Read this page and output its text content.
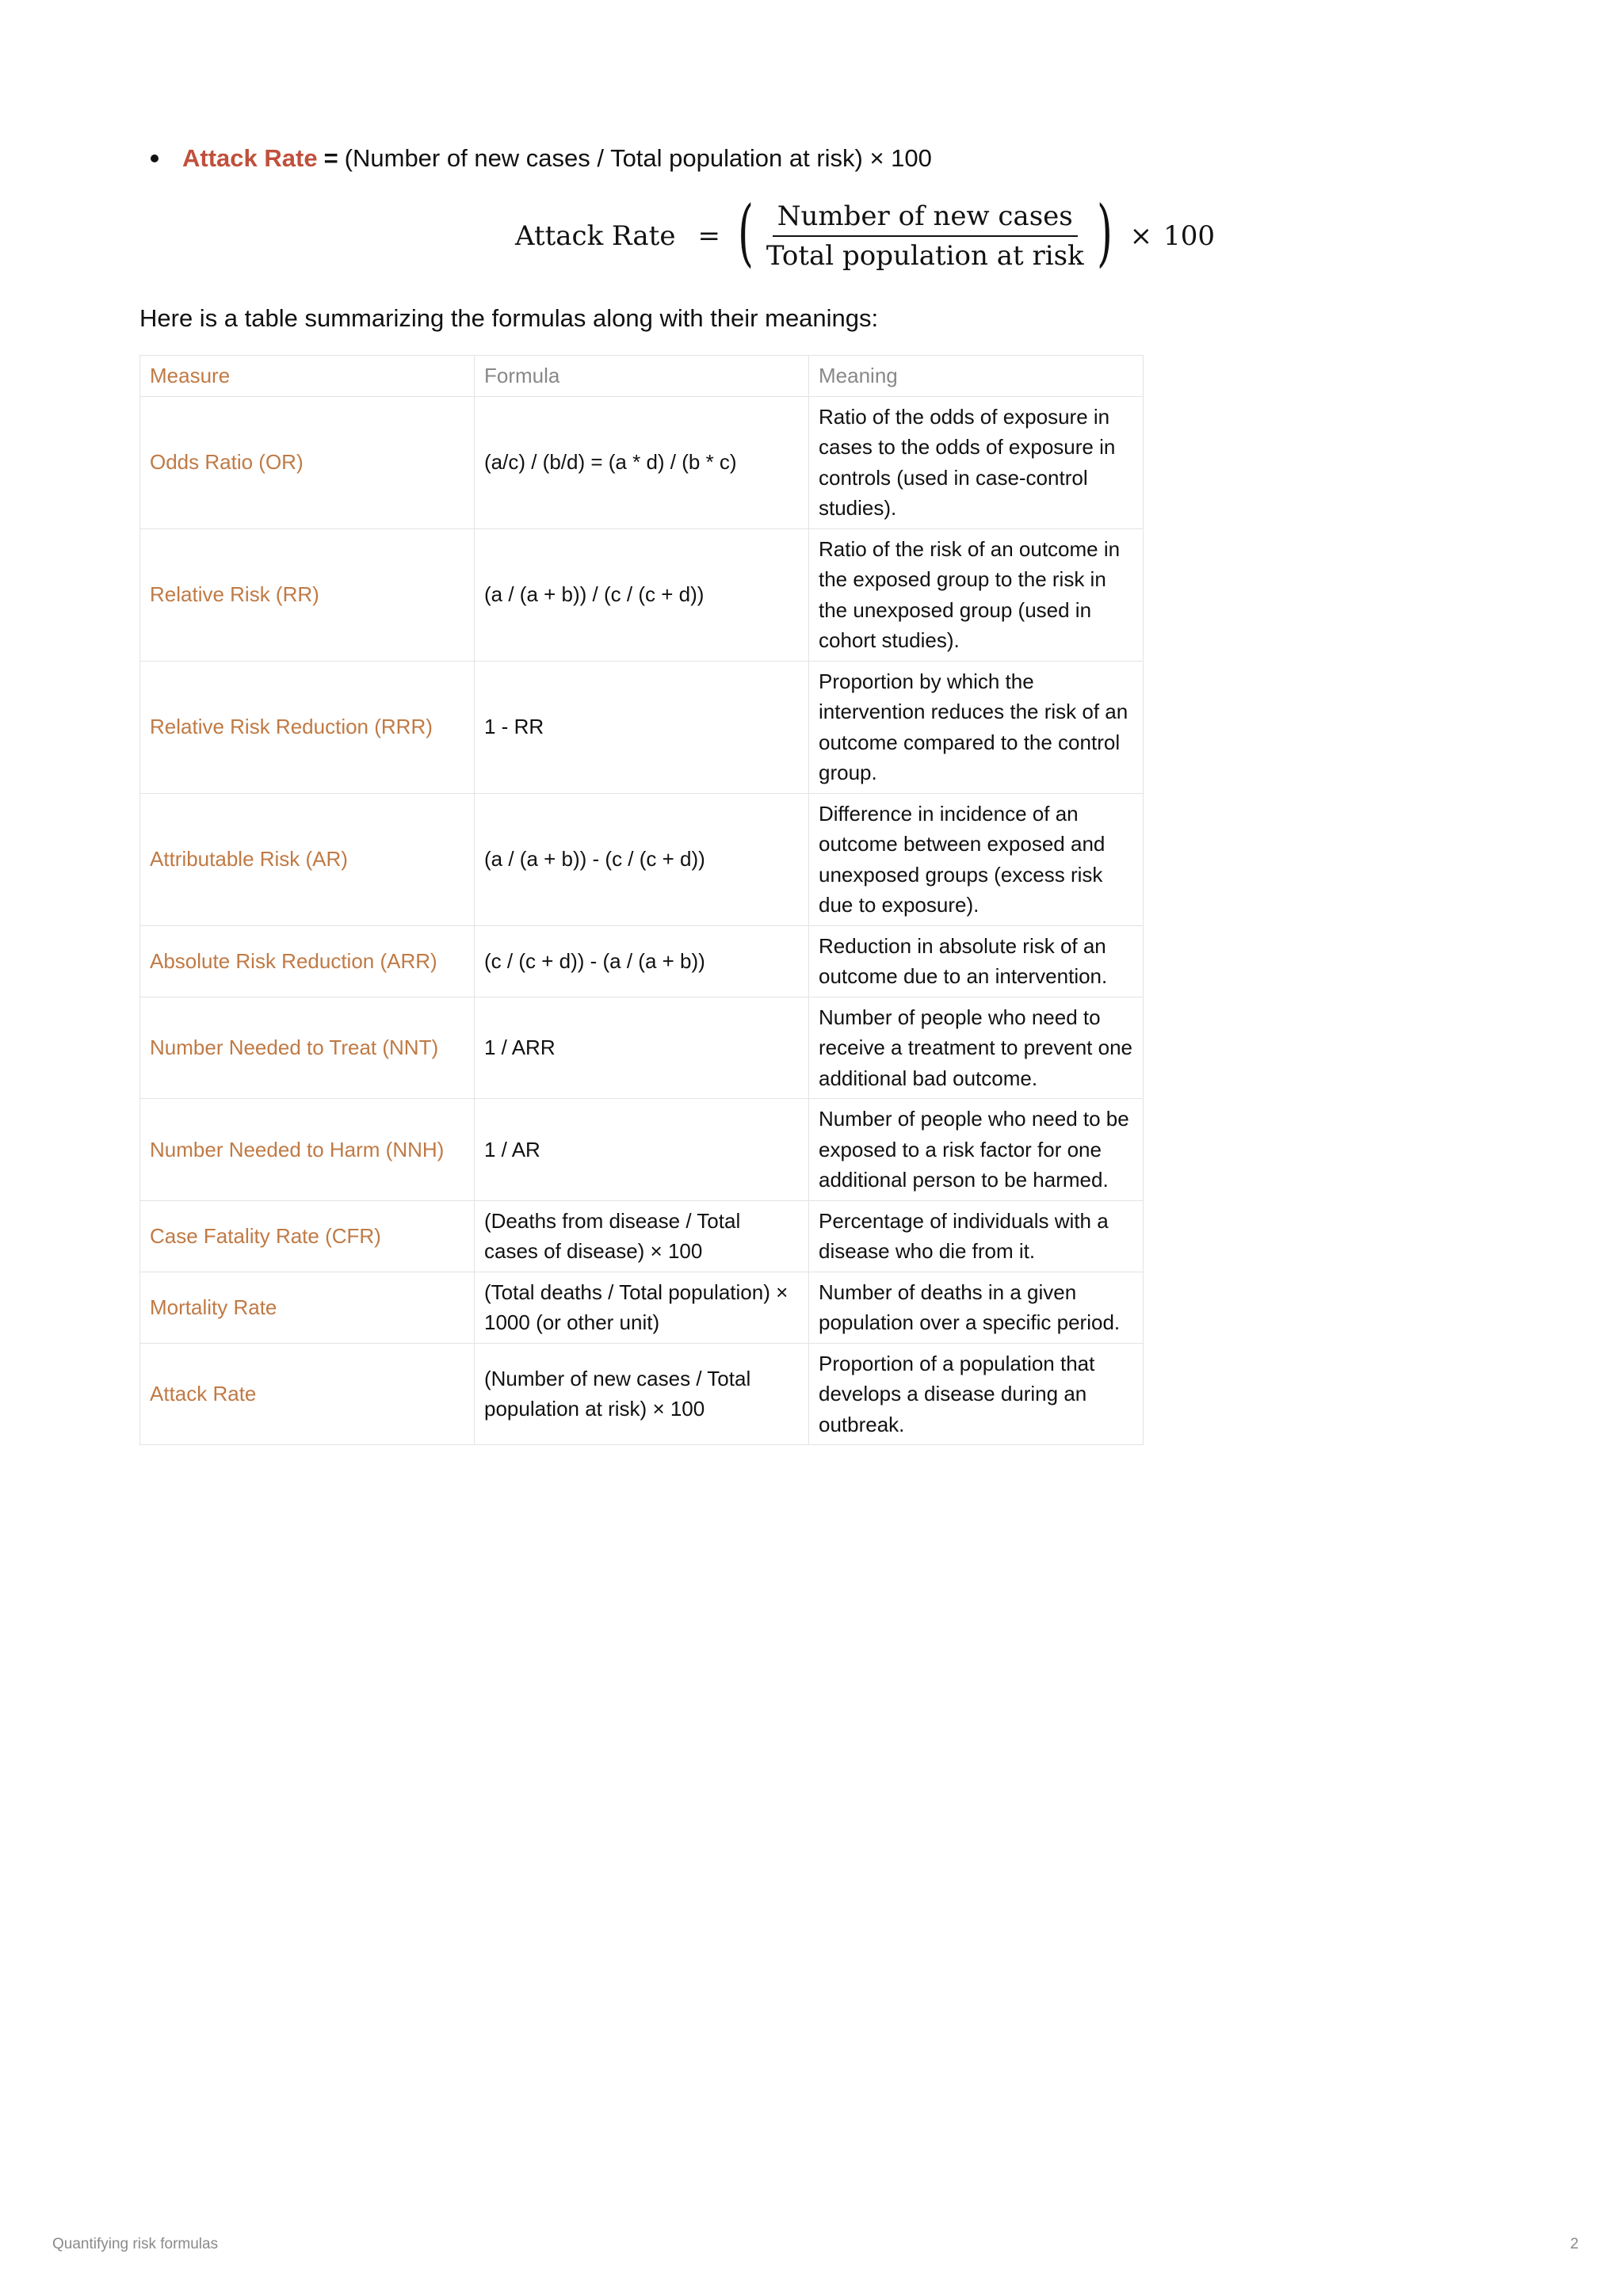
Attack Rate = (Number of new cases / Total population at risk) × 100
Attack Rate = ( $\frac{\text{Number of new cases}}{\text{Total population at risk}}$ ) × 100
Here is a table summarizing the formulas along with their meanings:
Measure	Formula	Meaning
Odds Ratio (OR)	(a/c) / (b/d) = (a * d) / (b * c)	Ratio of the odds of exposure in cases to the odds of exposure in controls (used in case-control studies).
Relative Risk (RR)	(a / (a + b)) / (c / (c + d))	Ratio of the risk of an outcome in the exposed group to the risk in the unexposed group (used in cohort studies).
Relative Risk Reduction (RRR)	1 - RR	Proportion by which the intervention reduces the risk of an outcome compared to the control group.
Attributable Risk (AR)	(a / (a + b)) - (c / (c + d))	Difference in incidence of an outcome between exposed and unexposed groups (excess risk due to exposure).
Absolute Risk Reduction (ARR)	(c / (c + d)) - (a / (a + b))	Reduction in absolute risk of an outcome due to an intervention.
Number Needed to Treat (NNT)	1 / ARR	Number of people who need to receive a treatment to prevent one additional bad outcome.
Number Needed to Harm (NNH)	1 / AR	Number of people who need to be exposed to a risk factor for one additional person to be harmed.
Case Fatality Rate (CFR)	(Deaths from disease / Total cases of disease) × 100	Percentage of individuals with a disease who die from it.
Mortality Rate	(Total deaths / Total population) × 1000 (or other unit)	Number of deaths in a given population over a specific period.
Attack Rate	(Number of new cases / Total population at risk) × 100	Proportion of a population that develops a disease during an outbreak.
Quantifying risk formulas	2
